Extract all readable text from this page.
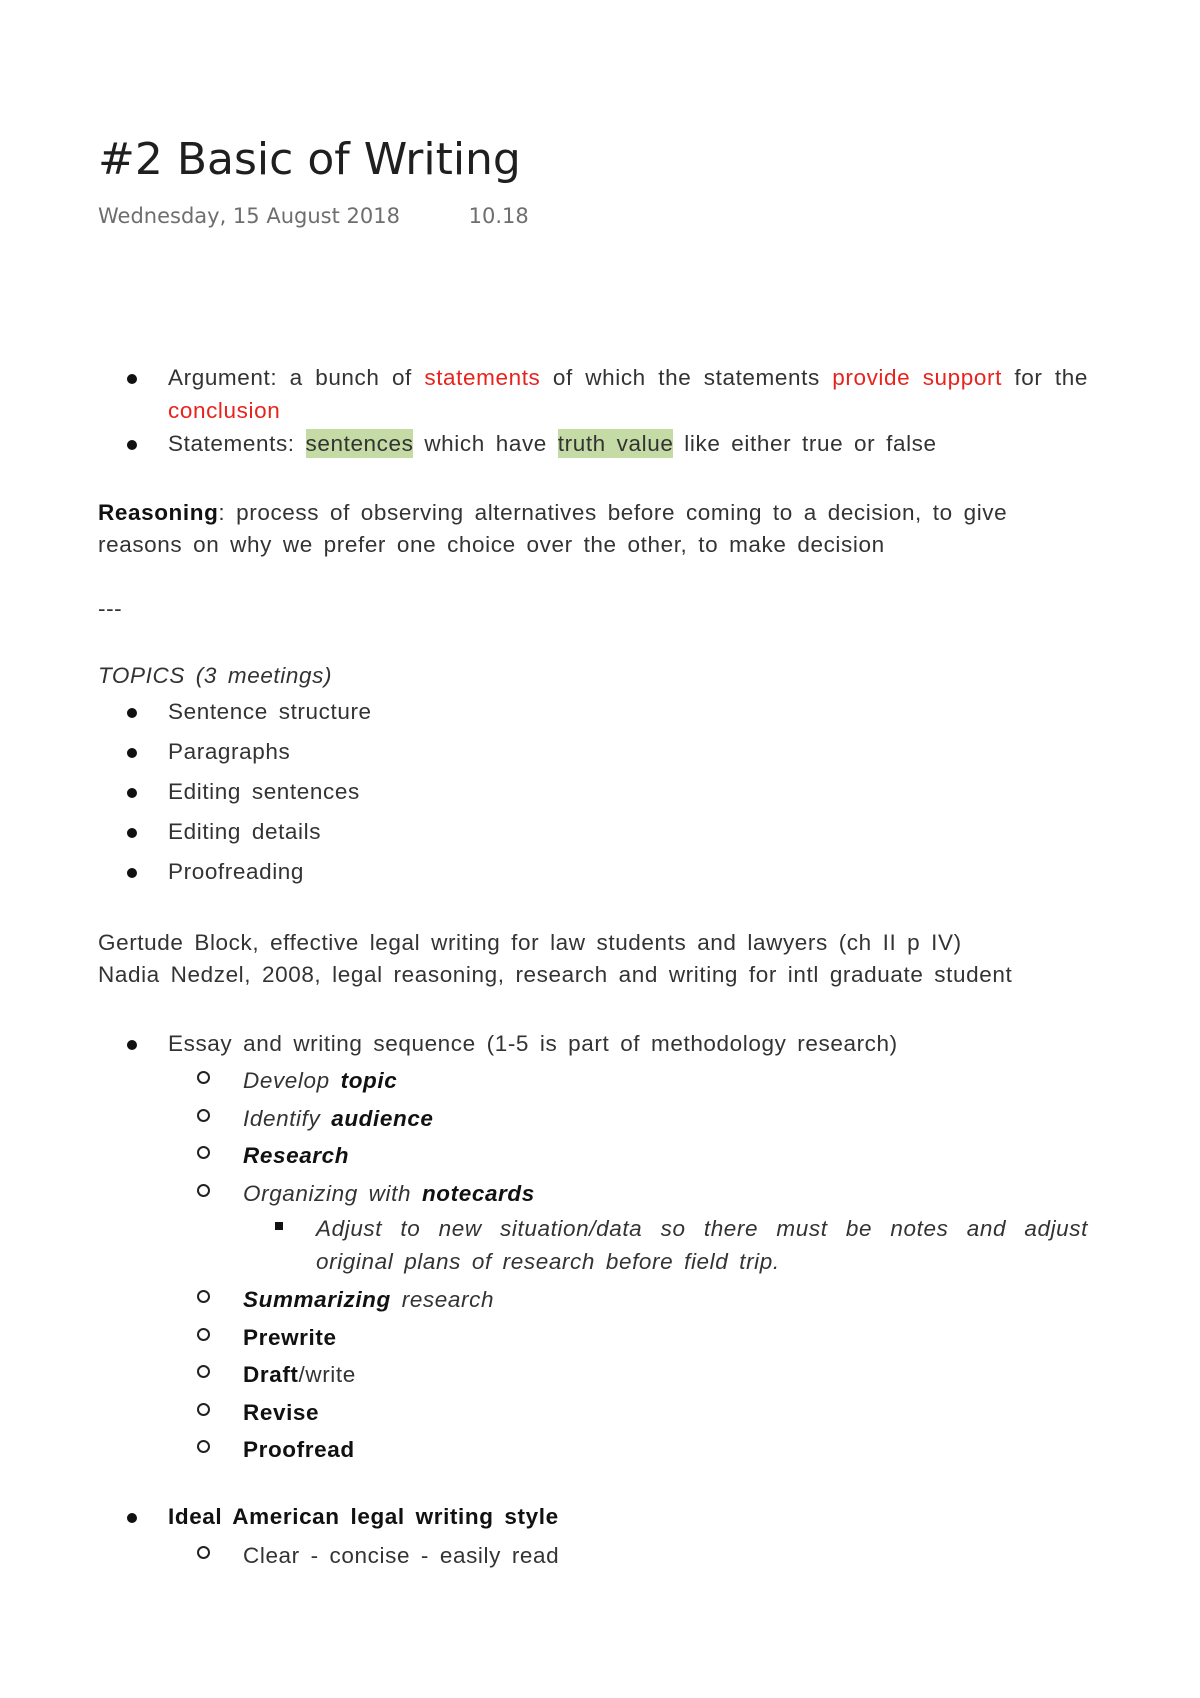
#2 Basic of Writing
Wednesday, 15 August 2018	10.18
Argument: a bunch of statements of which the statements provide support for the conclusion
Statements: sentences which have truth value like either true or false
Reasoning: process of observing alternatives before coming to a decision, to give reasons on why we prefer one choice over the other, to make decision
---
TOPICS (3 meetings)
Sentence structure
Paragraphs
Editing sentences
Editing details
Proofreading
Gertude Block, effective legal writing for law students and lawyers (ch II p IV)
Nadia Nedzel, 2008, legal reasoning, research and writing for intl graduate student
Essay and writing sequence (1-5 is part of methodology research)
Develop topic
Identify audience
Research
Organizing with notecards
Adjust to new situation/data so there must be notes and adjust original plans of research before field trip.
Summarizing research
Prewrite
Draft/write
Revise
Proofread
Ideal American legal writing style
Clear - concise - easily read
